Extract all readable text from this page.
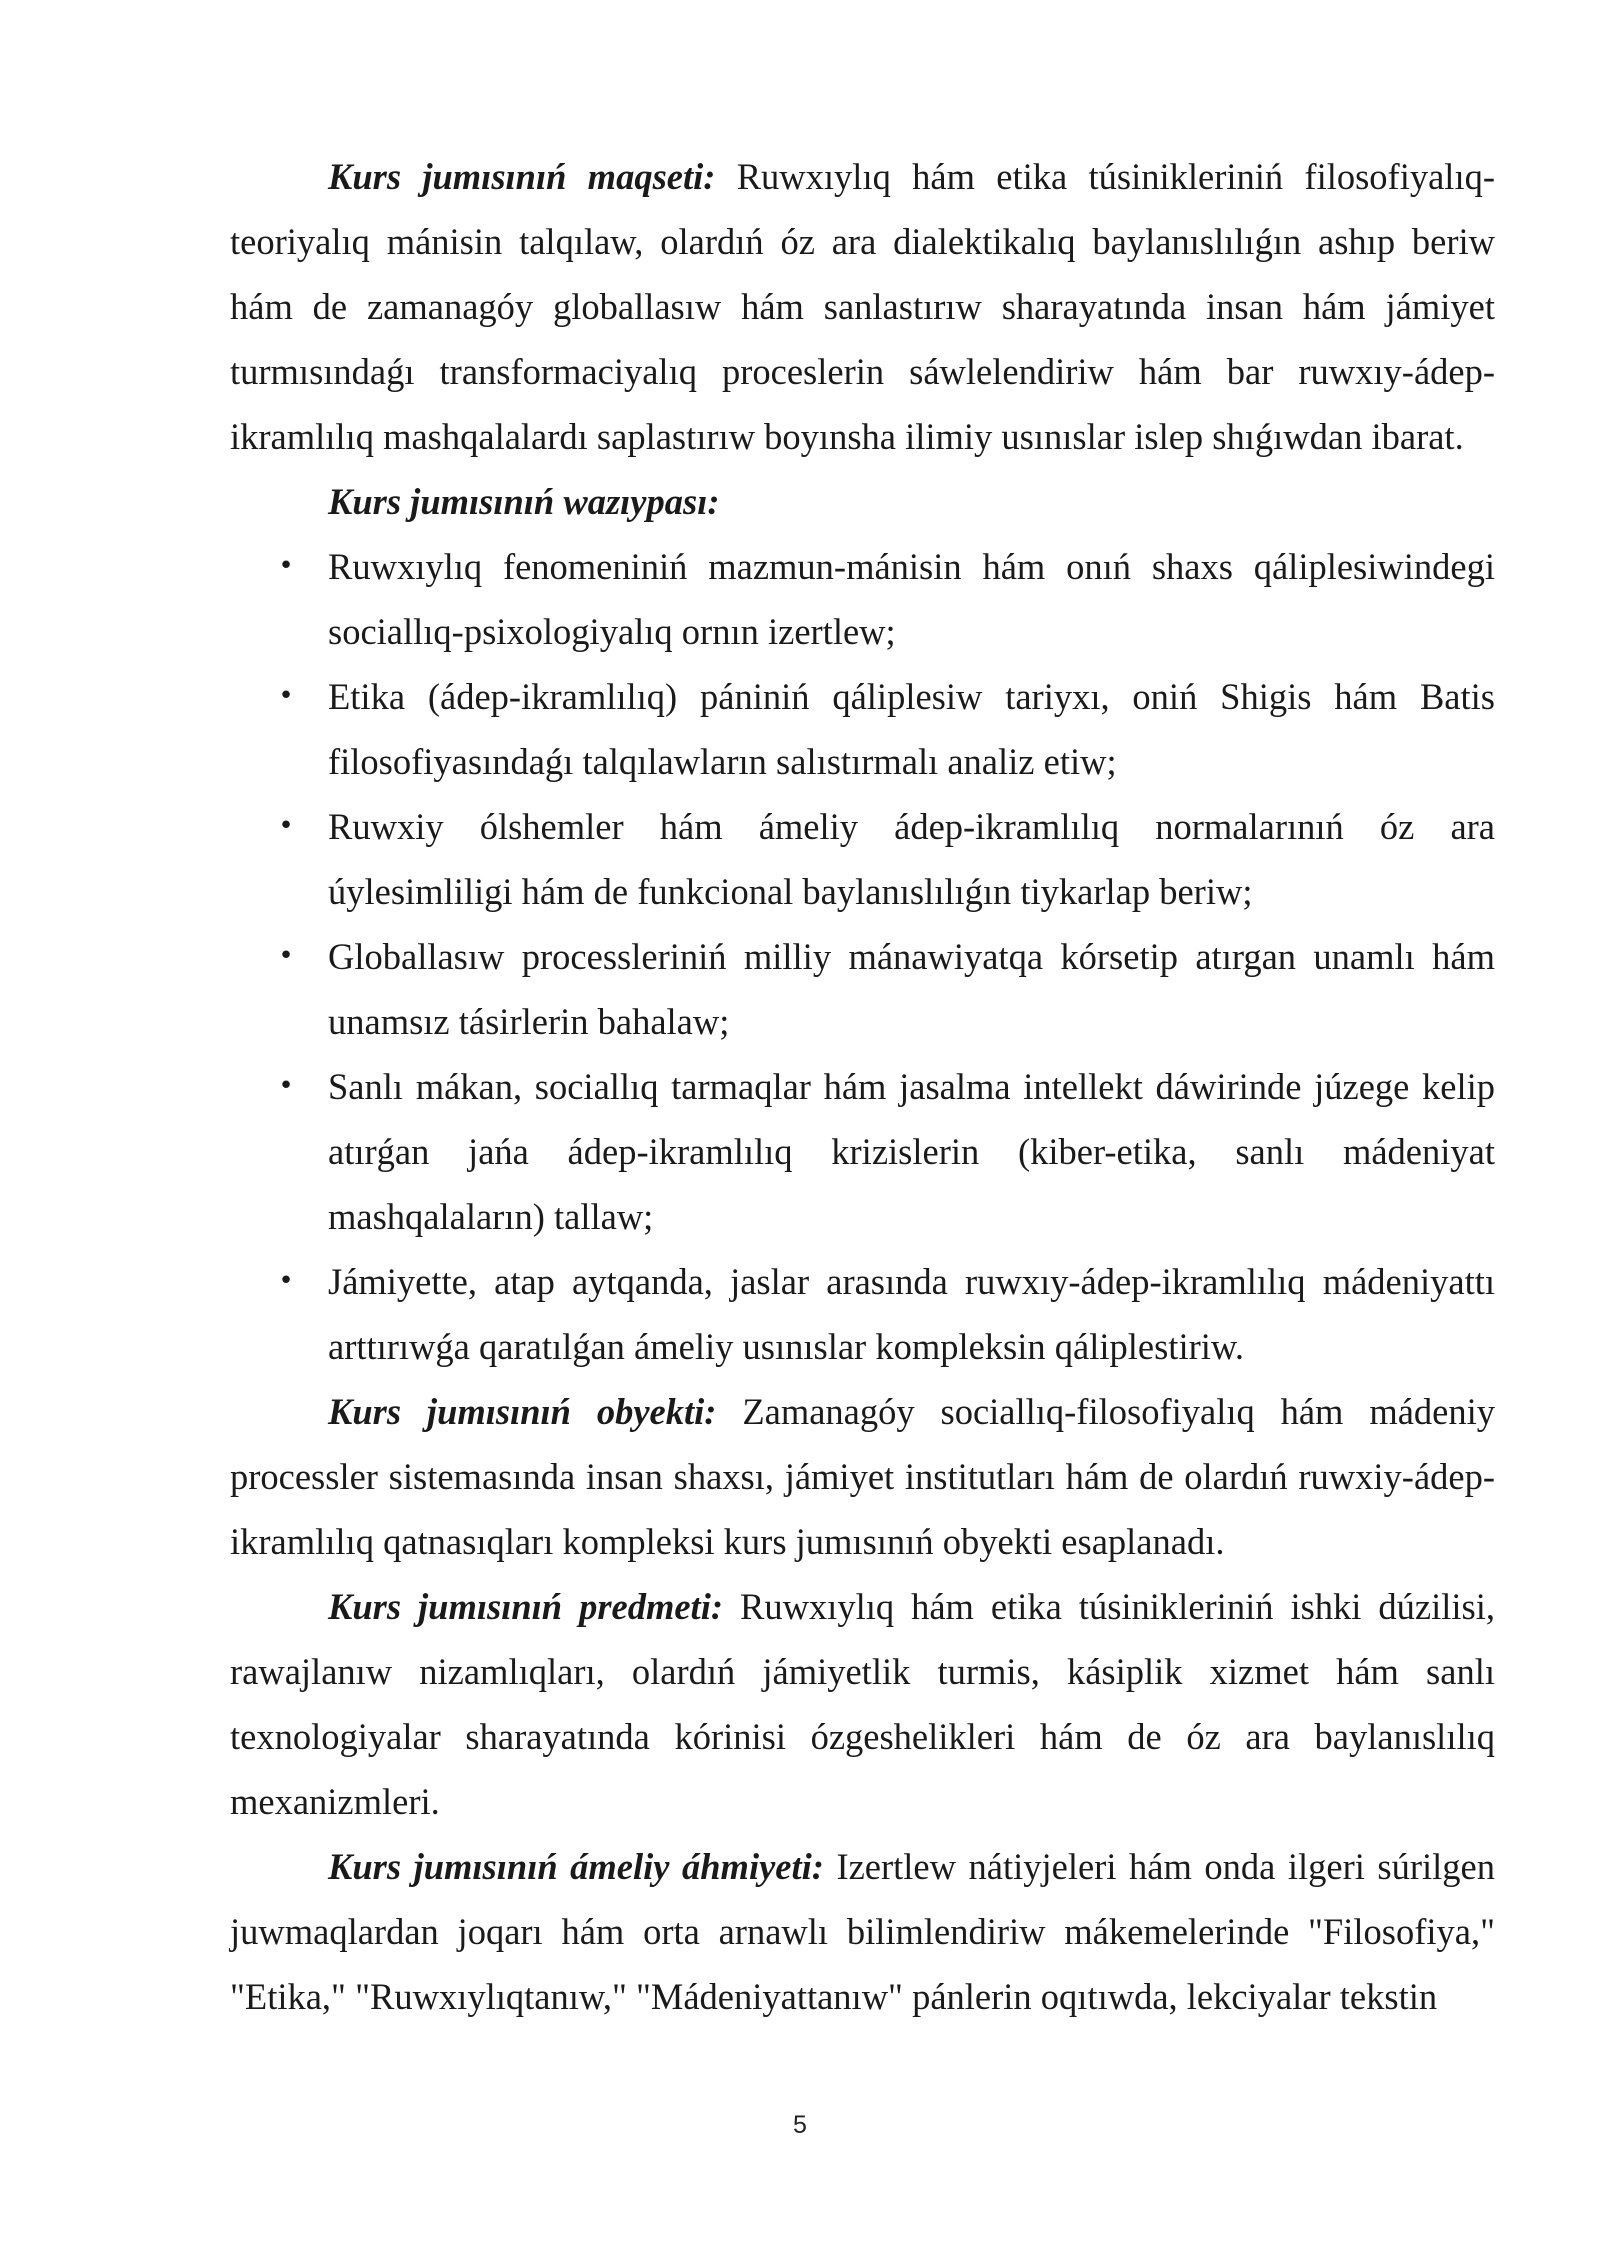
Kurs jumısınıń maqseti: Ruwxıylıq hám etika túsinikleriniń filosofiyalıq-teoriyalıq mánisin talqılaw, olardıń óz ara dialektikalıq baylanıslılıǵın ashıp beriw hám de zamanagóy globallasıw hám sanlastırıw sharayatında insan hám jámiyet turmısındaǵı transformaciyalıq proceslerin sáwlelendiriw hám bar ruwxıy-ádep-ikramlılıq mashqalalardı saplastırıw boyınsha ilimiy usınıslar islep shıǵıwdan ibarat.

Kurs jumısınıń wazıypası:
• Ruwxıylıq fenomeniniń mazmun-mánisin hám onıń shaxs qáliplesiwindegi sociallıq-psixologiyalıq ornın izertlew;
• Etika (ádep-ikramlılıq) pániniń qáliplesiw tariyxı, oniń Shigis hám Batis filosofiyasındaǵı talqılawların salıstırmalı analiz etiw;
• Ruwxiy ólshemler hám ámeliy ádep-ikramlılıq normalarınıń óz ara úylesimliligi hám de funkcional baylanıslılıǵın tiykarlap beriw;
• Globallasıw processleriniń milliy mánawiyatqa kórsetip atırgan unamlı hám unamsız tásirlerin bahalaw;
• Sanlı mákan, sociallıq tarmaqlar hám jasalma intellekt dáwirinde júzege kelip atırǵan jańa ádep-ikramlılıq krizislerin (kiber-etika, sanlı mádeniyat mashqalaların) tallaw;
• Jámiyette, atap aytqanda, jaslar arasında ruwxıy-ádep-ikramlılıq mádeniyattı arttırıwǵa qaratılǵan ámeliy usınıslar kompleksin qáliplestiriw.

Kurs jumısınıń obyekti: Zamanagóy sociallıq-filosofiyalıq hám mádeniy processler sistemasında insan shaxsı, jámiyet institutları hám de olardıń ruwxiy-ádep-ikramlılıq qatnasıqları kompleksi kurs jumısınıń obyekti esaplanadı.

Kurs jumısınıń predmeti: Ruwxıylıq hám etika túsinikleriniń ishki dúzilisi, rawajlanıw nizamlıqları, olardıń jámiyetlik turmis, kásiplik xizmet hám sanlı texnologiyalar sharayatında kórinisi ózgeshelikleri hám de óz ara baylanıslılıq mexanizmleri.

Kurs jumısınıń ámeliy áhmiyeti: Izertlew nátiyjeleri hám onda ilgeri súrilgen juwmaqlardan joqarı hám orta arnawlı bilimlendiriw mákemelerinde "Filosofiya," "Etika," "Ruwxıylıqtanıw," "Mádeniyattanıw" pánlerin oqıtıwda, lekciyalar tekstin

5
